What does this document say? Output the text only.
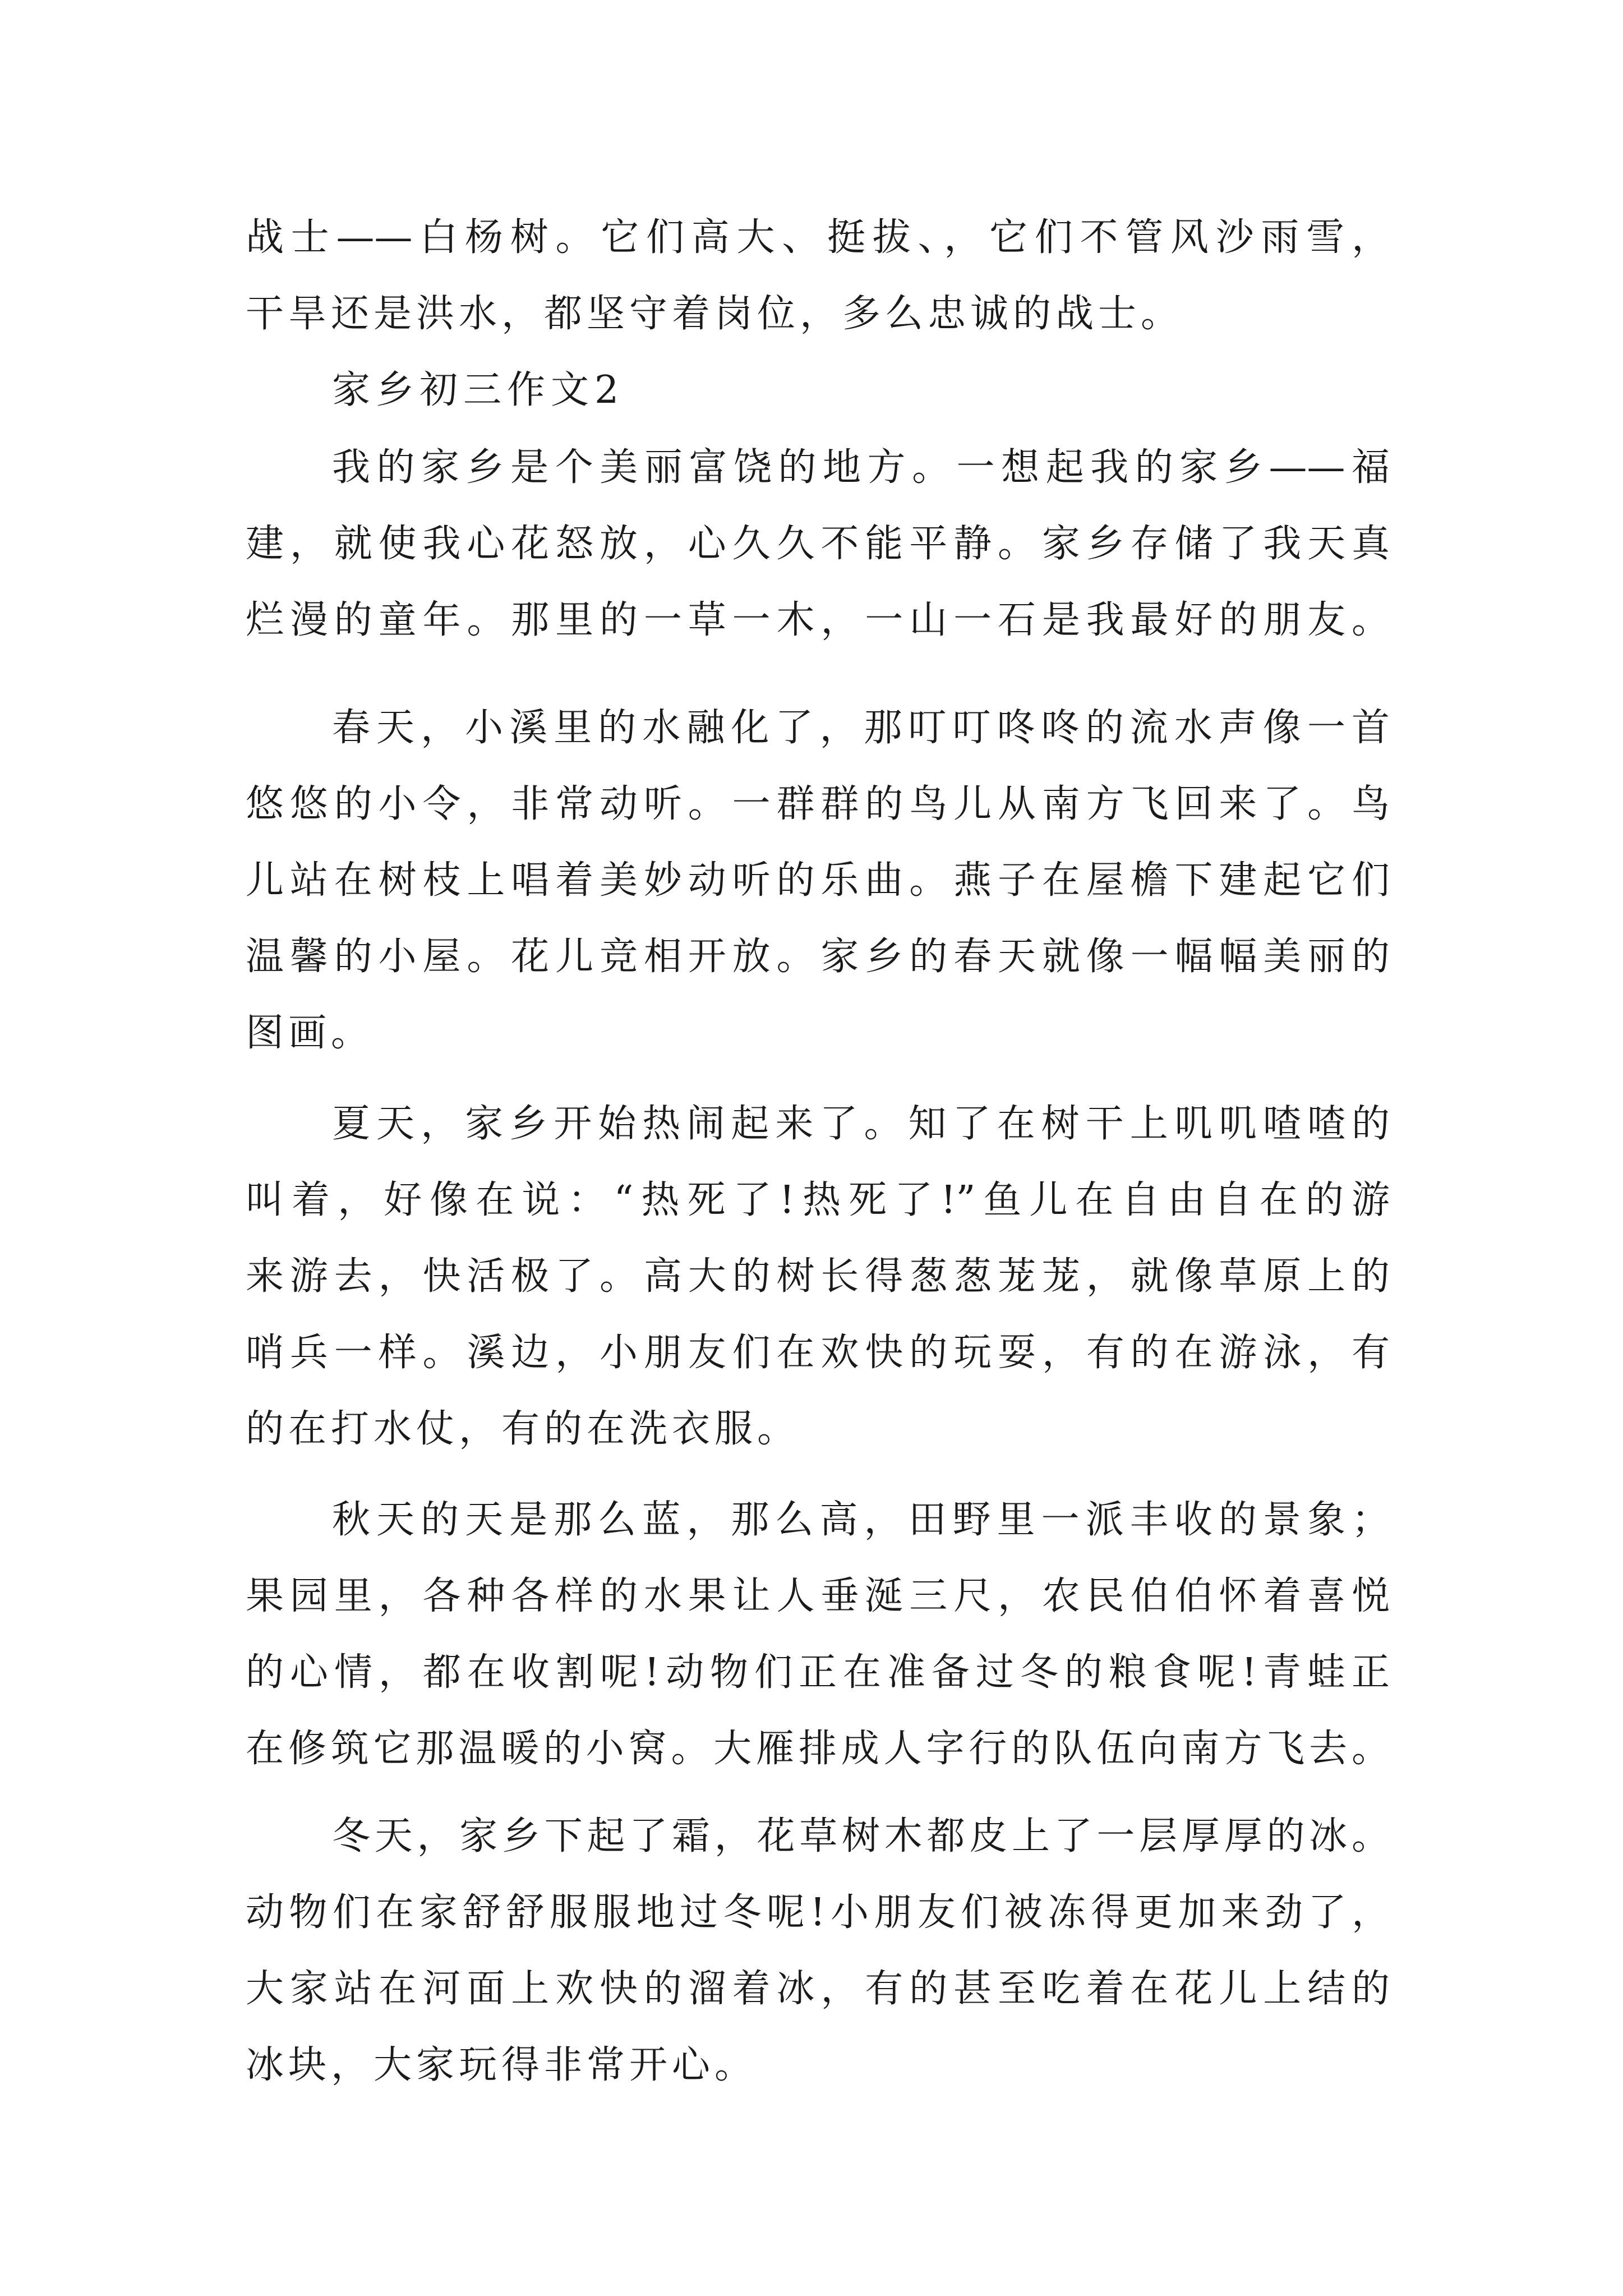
战士——白杨树。它们高大、挺拔、，它们不管风沙雨雪，
干旱还是洪水，都坚守着岗位，多么忠诚的战士。
家乡初三作文2
我的家乡是个美丽富饶的地方。一想起我的家乡——福
建，就使我心花怒放，心久久不能平静。家乡存储了我天真
烂漫的童年。那里的一草一木，一山一石是我最好的朋友。
春天，小溪里的水融化了，那叮叮咚咚的流水声像一首
悠悠的小令，非常动听。一群群的鸟儿从南方飞回来了。鸟
儿站在树枝上唱着美妙动听的乐曲。燕子在屋檐下建起它们
温馨的小屋。花儿竞相开放。家乡的春天就像一幅幅美丽的
图画。
夏天，家乡开始热闹起来了。知了在树干上叽叽喳喳的
叫着，好像在说：“热死了!热死了!”鱼儿在自由自在的游
来游去，快活极了。高大的树长得葱葱茏茏，就像草原上的
哨兵一样。溪边，小朋友们在欢快的玩耍，有的在游泳，有
的在打水仗，有的在洗衣服。
秋天的天是那么蓝，那么高，田野里一派丰收的景象；
果园里，各种各样的水果让人垂涎三尺，农民伯伯怀着喜悦
的心情，都在收割呢!动物们正在准备过冬的粮食呢!青蛙正
在修筑它那温暖的小窝。大雁排成人字行的队伍向南方飞去。
冬天，家乡下起了霜，花草树木都皮上了一层厚厚的冰。
动物们在家舒舒服服地过冬呢!小朋友们被冻得更加来劲了，
大家站在河面上欢快的溜着冰，有的甚至吃着在花儿上结的
冰块，大家玩得非常开心。
